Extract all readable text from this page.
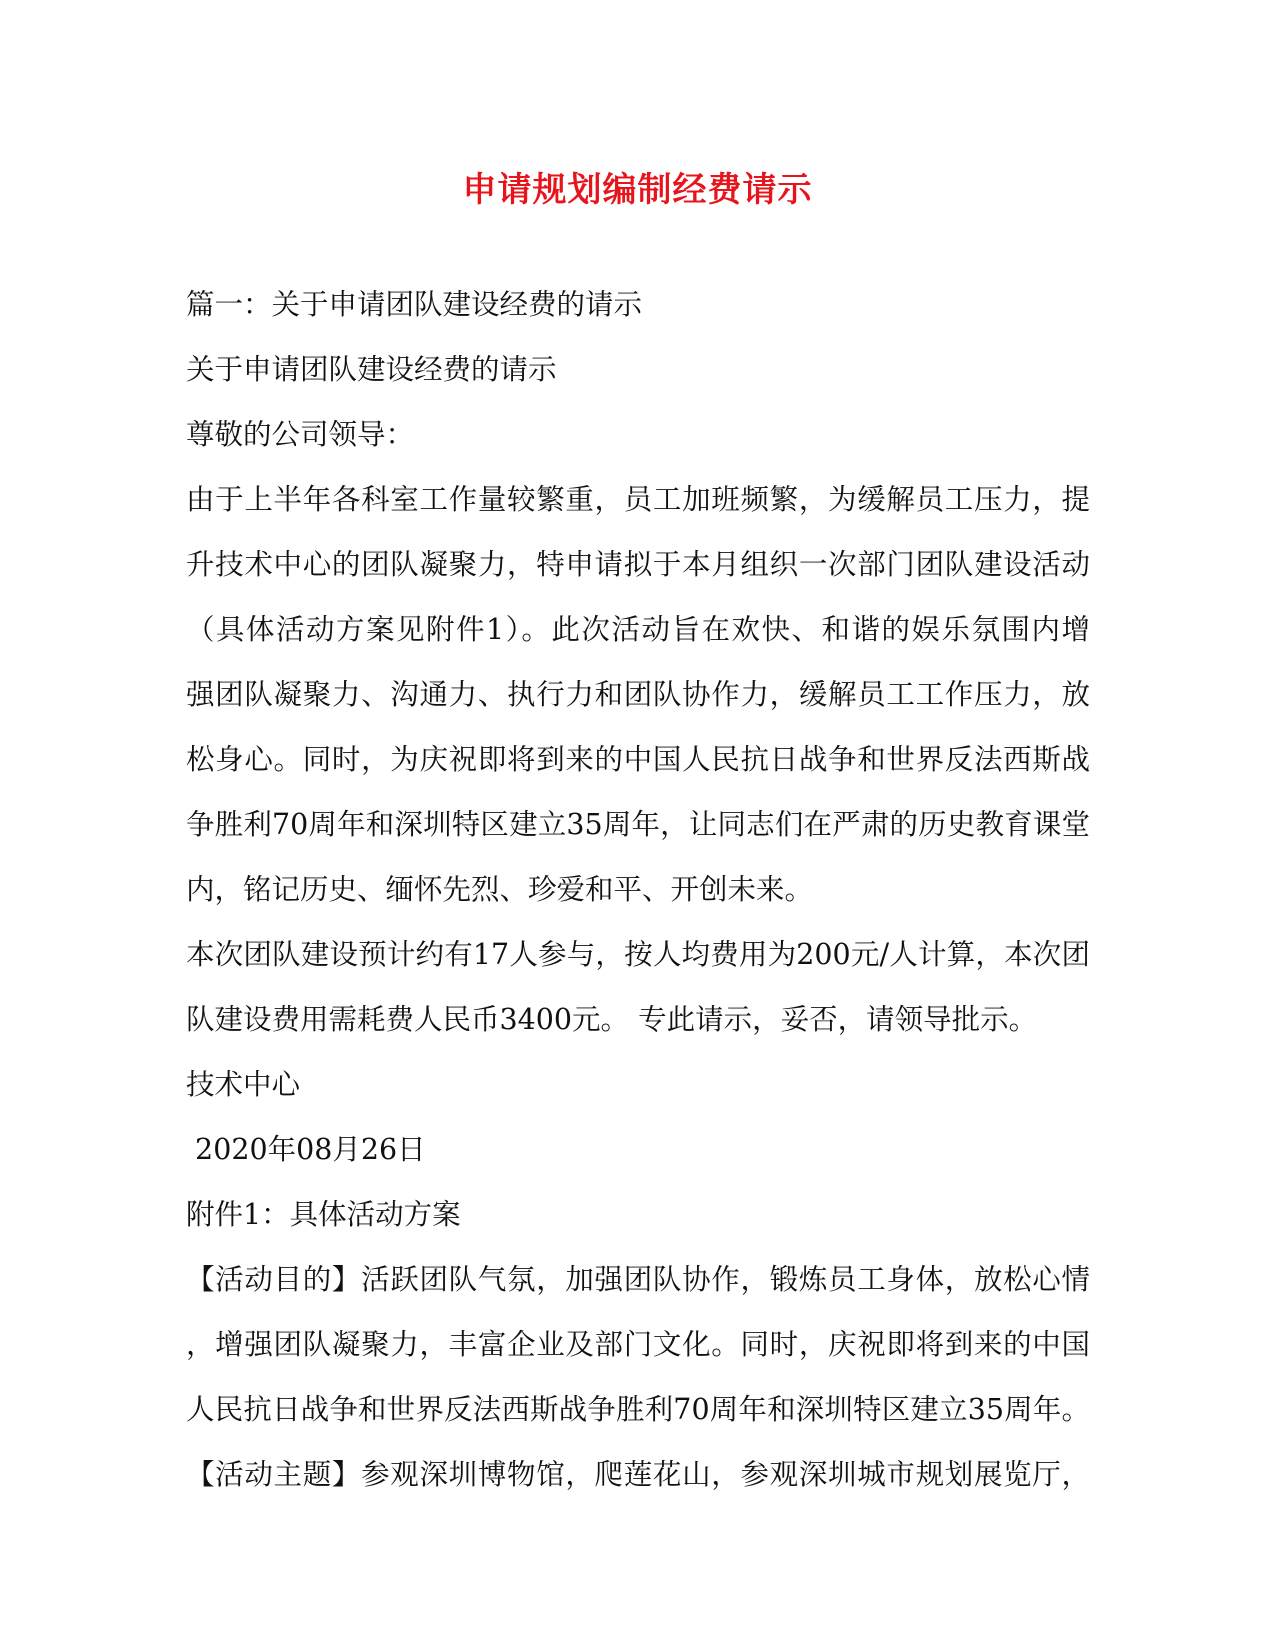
申请规划编制经费请示
篇一：关于申请团队建设经费的请示
关于申请团队建设经费的请示
尊敬的公司领导：
由于上半年各科室工作量较繁重，员工加班频繁，为缓解员工压力，提
升技术中心的团队凝聚力，特申请拟于本月组织一次部门团队建设活动
（具体活动方案见附件1）。此次活动旨在欢快、和谐的娱乐氛围内增
强团队凝聚力、沟通力、执行力和团队协作力，缓解员工工作压力，放
松身心。同时，为庆祝即将到来的中国人民抗日战争和世界反法西斯战
争胜利70周年和深圳特区建立35周年，让同志们在严肃的历史教育课堂
内，铭记历史、缅怀先烈、珍爱和平、开创未来。
本次团队建设预计约有17人参与，按人均费用为200元/人计算，本次团
队建设费用需耗费人民币3400元。 专此请示，妥否，请领导批示。
技术中心
2020年08月26日
附件1：具体活动方案
【活动目的】活跃团队气氛，加强团队协作，锻炼员工身体，放松心情
，增强团队凝聚力，丰富企业及部门文化。同时，庆祝即将到来的中国
人民抗日战争和世界反法西斯战争胜利70周年和深圳特区建立35周年。
【活动主题】参观深圳博物馆，爬莲花山，参观深圳城市规划展览厅，
